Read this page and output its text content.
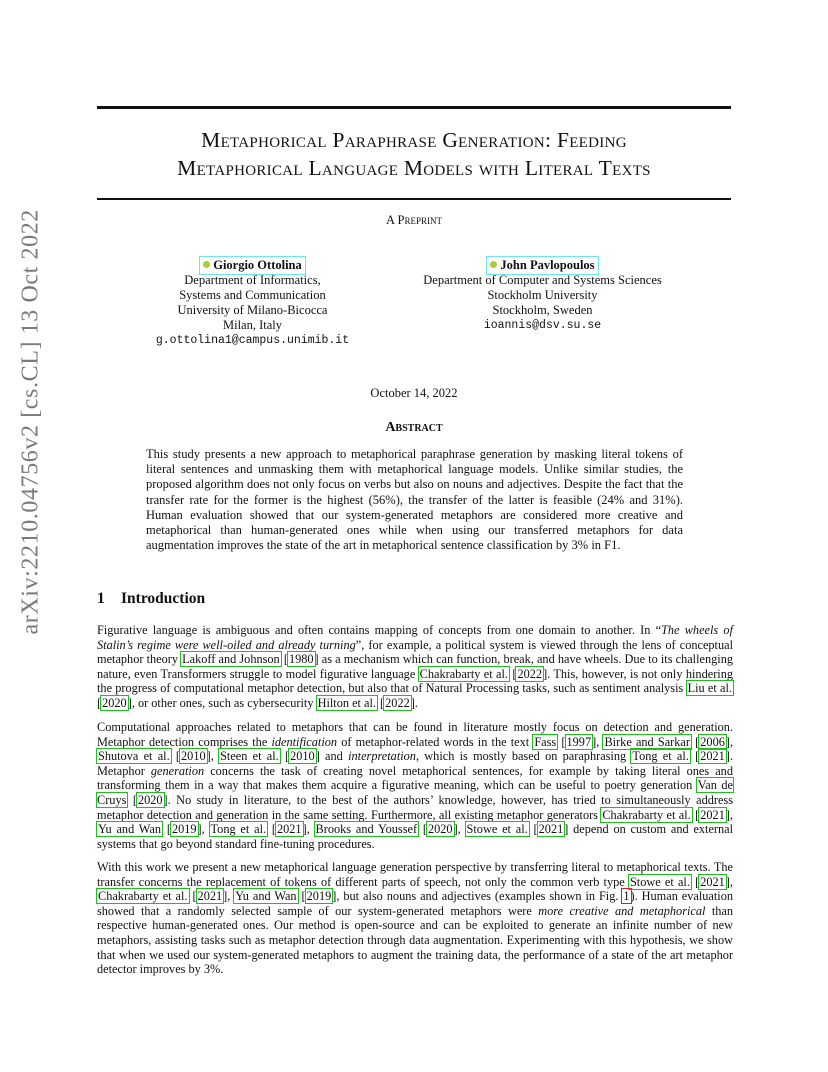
arXiv:2210.04756v2 [cs.CL] 13 Oct 2022
Metaphorical Paraphrase Generation: Feeding
Metaphorical Language Models with Literal Texts
A Preprint
Giorgio Ottolina
Department of Informatics,
Systems and Communication
University of Milano-Bicocca
Milan, Italy
g.ottolina1@campus.unimib.it
John Pavlopoulos
Department of Computer and Systems Sciences
Stockholm University
Stockholm, Sweden
ioannis@dsv.su.se
October 14, 2022
Abstract

This study presents a new approach to metaphorical paraphrase generation by masking literal tokens of literal sentences and unmasking them with metaphorical language models. Unlike similar studies, the proposed algorithm does not only focus on verbs but also on nouns and adjectives. Despite the fact that the transfer rate for the former is the highest (56%), the transfer of the latter is feasible (24% and 31%). Human evaluation showed that our system-generated metaphors are considered more creative and metaphorical than human-generated ones while when using our transferred metaphors for data augmentation improves the state of the art in metaphorical sentence classification by 3% in F1.

1 Introduction

Figurative language is ambiguous and often contains mapping of concepts from one domain to another. In “The wheels of Stalin’s regime were well-oiled and already turning”, for example, a political system is viewed through the lens of conceptual metaphor theory Lakoff and Johnson [1980] as a mechanism which can function, break, and have wheels. Due to its challenging nature, even Transformers struggle to model figurative language Chakrabarty et al. [2022]. This, however, is not only hindering the progress of computational metaphor detection, but also that of Natural Processing tasks, such as sentiment analysis Liu et al. [2020], or other ones, such as cybersecurity Hilton et al. [2022].

Computational approaches related to metaphors that can be found in literature mostly focus on detection and generation. Metaphor detection comprises the identification of metaphor-related words in the text Fass [1997], Birke and Sarkar [2006], Shutova et al. [2010], Steen et al. [2010] and interpretation, which is mostly based on paraphrasing Tong et al. [2021]. Metaphor generation concerns the task of creating novel metaphorical sentences, for example by taking literal ones and transforming them in a way that makes them acquire a figurative meaning, which can be useful to poetry generation Van de Cruys [2020]. No study in literature, to the best of the authors’ knowledge, however, has tried to simultaneously address metaphor detection and generation in the same setting. Furthermore, all existing metaphor generators Chakrabarty et al. [2021], Yu and Wan [2019], Tong et al. [2021], Brooks and Youssef [2020], Stowe et al. [2021] depend on custom and external systems that go beyond standard fine-tuning procedures.

With this work we present a new metaphorical language generation perspective by transferring literal to metaphorical texts. The transfer concerns the replacement of tokens of different parts of speech, not only the common verb type Stowe et al. [2021], Chakrabarty et al. [2021], Yu and Wan [2019], but also nouns and adjectives (examples shown in Fig. 1). Human evaluation showed that a randomly selected sample of our system-generated metaphors were more creative and metaphorical than respective human-generated ones. Our method is open-source and can be exploited to generate an infinite number of new metaphors, assisting tasks such as metaphor detection through data augmentation. Experimenting with this hypothesis, we show that when we used our system-generated metaphors to augment the training data, the performance of a state of the art metaphor detector improves by 3%.
